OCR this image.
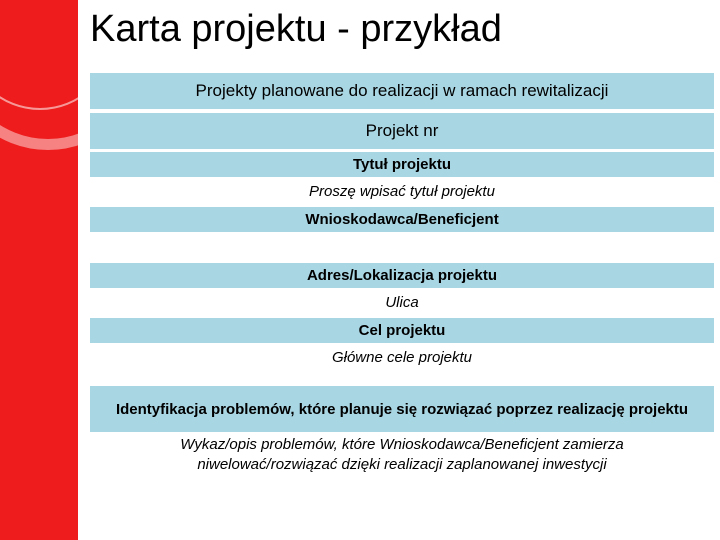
Karta projektu - przykład
Projekty planowane do realizacji w ramach rewitalizacji
Projekt nr
Tytuł projektu
Proszę wpisać tytuł projektu
Wnioskodawca/Beneficjent
Adres/Lokalizacja projektu
Ulica
Cel projektu
Główne cele projektu
Identyfikacja problemów, które planuje się rozwiązać poprzez realizację projektu
Wykaz/opis problemów, które Wnioskodawca/Beneficjent zamierza niwelować/rozwiązać dzięki realizacji zaplanowanej inwestycji
